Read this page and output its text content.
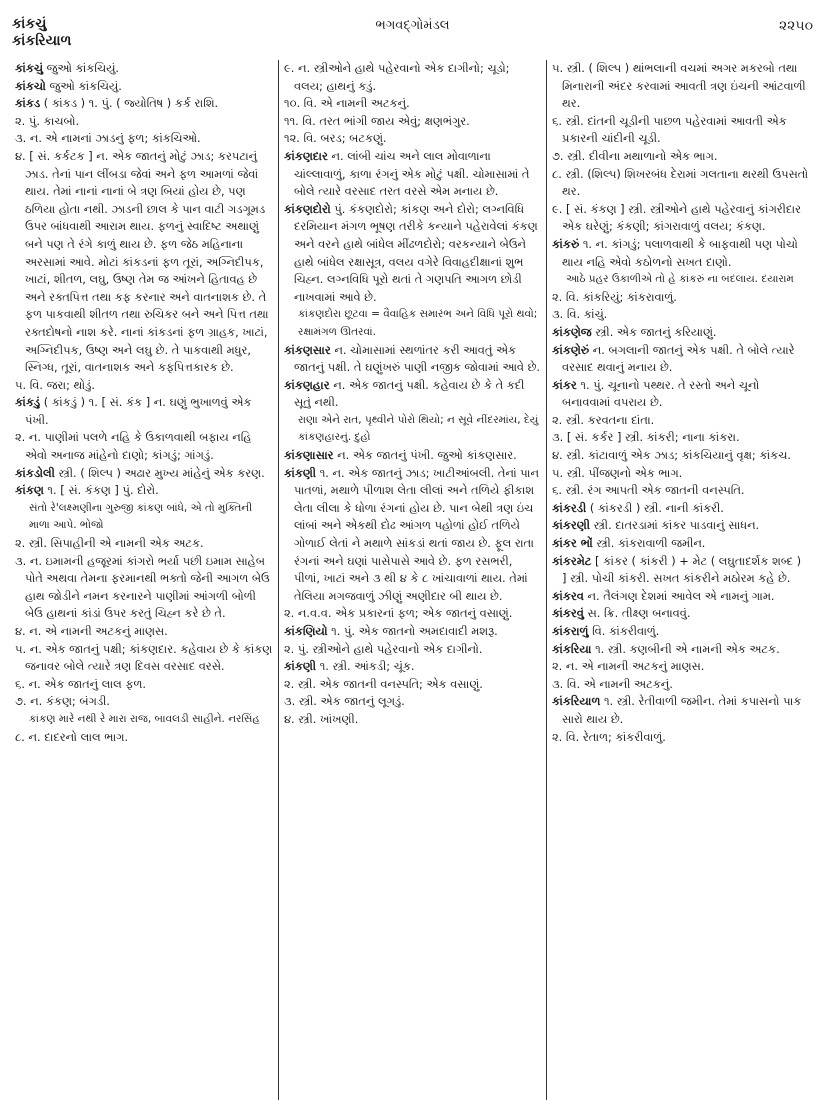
કાંકચું
કાંકરિયાળ
ભગવદ્ગોમંડલ	૨૨૫૦

કાંકચું જુઓ કાંકચિયું.

કાંકચો જુઓ કાંકચિયું.

કાંકડ ( કાંકડ ) ૧. પું. ( જ્યોતિષ ) કર્ક રાશિ.

૨. પું. કાચબો.

૩. ન. એ નામનાં ઝાડનું ફળ; કાંકચિઓ.

૪. [ સં. કર્કટક ] ન. એક જાતનું મોટું ઝાડ; કરપટાનું ઝાડ. તેનાં પાન લીંબડા જેવાં અને ફળ આમળાં જેવાં થાય. તેમાં નાનાં નાનાં બે ત્રણ બિયાં હોય છે, પણ ઠળિયા હોતા નથી. ઝાડની છાલ કે પાન વાટી ગડગૂમડ ઉપર બાંધવાથી આરામ થાય. ફળનું સ્વાદિષ્ટ અથાણું બને પણ તે રંગે કાળું થાય છે. ફળ જેઠ મહિનાના અરસામાં આવે. મોટાં કાંકડનાં ફળ તૂરાં, અગ્નિદીપક, ખાટાં, શીતળ, લઘુ, ઉષ્ણ તેમ જ આંખને હિતાવહ છે અને રક્તપિત્ત તથા કફ કરનાર અને વાતનાશક છે. તે ફળ પાકવાથી શીતળ તથા રુચિકર બને અને પિત્ત તથા રક્તદોષનો નાશ કરે. નાનાં કાંકડનાં ફળ ગ્રાહક, ખાટાં, અગ્નિદીપક, ઉષ્ણ અને લઘુ છે. તે પાકવાથી મધુર, સ્નિગ્ધ, તૂરાં, વાતનાશક અને કફપિત્તકારક છે.

૫. વિ. જરા; થોડું.

કાંકડું ( કાંકડું ) ૧. [ સં. કંક ] ન. ઘણું ભુખાળવું એક પંખી.

૨. ન. પાણીમાં પલળે નહિ કે ઉકાળવાથી બફાય નહિ એવો અનાજ માંહેનો દાણો; કાંગડું; ગાંગડું.

કાંકડોલી સ્ત્રી. ( શિલ્પ ) અઢાર મુખ્ય માંહેનું એક કરણ.

કાંકણ ૧. [ સં. કંકણ ] પું. દોરો.

સંતો રે'લક્ષ્મણીના ગુરુજી કાંકણ બાંધે, એ તો મુક્તિની માળા આપે. ભોજો

૨. સ્ત્રી. સિપાહીની એ નામની એક અટક.

૩. ન. ઇમામની હજૂરમાં કાંગરો ભર્યા પછી ઇમામ સાહેબ પોતે અથવા તેમના ફરમાનથી ભક્તો જેની આગળ બેઉ હાથ જોડીને નમન કરનારને પાણીમાં આંગળી બોળી બેઉ હાથનાં કાંડાં ઉપર કરતું ચિહ્ન કરે છે તે.

૪. ન. એ નામની અટકનું માણસ.

૫. ન. એક જાતનું પક્ષી; કાંકણદાર. કહેવાય છે કે કાંકણ જનાવર બોલે ત્યારે ત્રણ દિવસ વરસાદ વરસે.

૬. ન. એક જાતનું લાલ ફળ.

૭. ન. કંકણ; બંગડી.

કાંકણ મારે નથી રે મારા રાજ, બાવલડી સાહીને. નરસિંહ

૮. ન. દાદરનો લાલ ભાગ.

૯. ન. સ્ત્રીઓને હાથે પહેરવાનો એક દાગીનો; ચૂડો; વલય; હાથનું કડું.

૧૦. વિ. એ નામની અટકનું.

૧૧. વિ. તરત ભાંગી જાય એવું; ક્ષણભંગુર.

૧૨. વિ. બરડ; બટકણું.

કાંકણદાર ન. લાંબી ચાંચ અને લાલ મોવાળાના ચાંલ્લાવાળું, કાળા રંગનું એક મોટું પક્ષી. ચોમાસામાં તે બોલે ત્યારે વરસાદ તરત વરસે એમ મનાય છે.

કાંકણદોરો પું. કંકણદોરો; કાંકણ અને દોરો; લગ્નવિધિ દરમિયાન મંગળ ભૂષણ તરીકે કન્યાને પહેરાવેલાં કંકણ અને વરને હાથે બાંધેલ મીંઢળદોરો; વરકન્યાને બેઉને હાથે બાંધેલ રક્ષાસૂત્ર, વલય વગેરે વિવાહદીક્ષાનાં શુભ ચિહ્ન. લગ્નવિધિ પૂરો થતાં તે ગણપતિ આગળ છોડી નાખવામાં આવે છે.

કાંકણદોરા છૂટવા = વૈવાહિક સમારંભ અને વિધિ પૂરો થવો; રક્ષામંગળ ઊતરવાં.

કાંકણસાર ન. ચોમાસામાં સ્થળાંતર કરી આવતું એક જાતનું પક્ષી. તે ઘણુંખરું પાણી નજીક જોવામાં આવે છે.

કાંકણહાર ન. એક જાતનું પક્ષી. કહેવાય છે કે તે કદી સૂતું નથી.

રાણા એને રાત, પૃથ્વીને પોરો થિયો; ન સૂવે નીંદરમાંય, દેયું કાંકણહારનું. દુહો

કાંકણાસાર ન. એક જાતનું પંખી. જુઓ કાંકણસાર.

કાંકણી ૧. ન. એક જાતનું ઝાડ; ખાટીઆંબલી. તેનાં પાન પાતળાં, મથાળે પીળાશ લેતા લીલાં અને તળિયે ફીકાશ લેતા લીલા કે ધોળા રંગનાં હોય છે. પાન બેથી ત્રણ ઇંચ લાંબાં અને એકથી દોઢ આંગળ પહોળાં હોઈ તળિયે ગોળાઈ લેતાં ને મથાળે સાંકડાં થતાં જાય છે. ફૂલ રાતા રંગનાં અને ઘણાં પાસેપાસે આવે છે. ફળ રસભરી, પીળાં, ખાટાં અને ૩ થી ૪ કે ૮ ખાંચાવાળાં થાય. તેમાં તેલિયા મગજવાળું ઝીણું અણીદાર બી થાય છે.

૨. ન.વ.વ. એક પ્રકારનાં ફળ; એક જાતનું વસાણું.

કાંકણિયો ૧. પું. એક જાતનો અમદાવાદી મશરૂ.

૨. પું. સ્ત્રીઓને હાથે પહેરવાનો એક દાગીનો.

કાંકણી ૧. સ્ત્રી. આંકડી; ચૂંક.

૨. સ્ત્રી. એક જાતની વનસ્પતિ; એક વસાણું.

૩. સ્ત્રી. એક જાતનું લૂગડું.

૪. સ્ત્રી. ખાંખણી.

૫. સ્ત્રી. ( શિલ્પ ) થાંભલાની વચમાં અગર મકરબો તથા મિનારાની અંદર કરવામાં આવતી ત્રણ ઇંચની આંટવાળી થર.

૬. સ્ત્રી. દાંતની ચૂડીની પાછળ પહેરવામાં આવતી એક પ્રકારની ચાંદીની ચૂડી.

૭. સ્ત્રી. દીવીના મથાળાનો એક ભાગ.

૮. સ્ત્રી. (શિલ્પ) શિખરબંધ દેરામાં ગલતાના થરથી ઉપસતો થર.

૯. [ સં. કંકણ ] સ્ત્રી. સ્ત્રીઓને હાથે પહેરવાનું કાંગરીદાર એક ઘરેણું; કંકણી; કાંગરાવાળું વલય; કંકણ.

કાંકરું ૧. ન. કાંગડું; પલાળવાથી કે બાફવાથી પણ પોચો થાય નહિ એવો કઠોળનો સખત દાણો.

આઠે પ્રહર ઉકાળીએ તો હે કાંકરું ના બદલાય. દયારામ

૨. વિ. કાંકરિયું; કાંકરાવાળું.

૩. વિ. કાંચું.

કાંકણેજ સ્ત્રી. એક જાતનું કરિયાણું.

કાંકણેરું ન. બગલાની જાતનું એક પક્ષી. તે બોલે ત્યારે વરસાદ થવાનું મનાય છે.

કાંકર ૧. પું. ચૂનાનો પથ્થર. તે રસ્તો અને ચૂનો બનાવવામાં વપરાય છે.

૨. સ્ત્રી. કરવતના દાંતા.

૩. [ સં. કર્કર ] સ્ત્રી. કાંકરી; નાના કાંકરા.

૪. સ્ત્રી. કાંટાવાળું એક ઝાડ; કાંકચિયાનું વૃક્ષ; કાંકચ.

૫. સ્ત્રી. પીંજણનો એક ભાગ.

૬. સ્ત્રી. રંગ આપતી એક જાતની વનસ્પતિ.

કાંકરડી ( કાંકરડી ) સ્ત્રી. નાની કાંકરી.

કાંકરણી સ્ત્રી. દાતરડામાં કાંકર પાડવાનું સાધન.

કાંકર ભોં સ્ત્રી. કાંકરાવાળી જમીન.

કાંકરમેટ [ કાંકર ( કાંકરી ) + મેટ ( લઘુતાદર્શક શબ્દ ) ] સ્ત્રી. પોચી કાંકરી. સખત કાંકરીને મઠોરમ કહે છે.

કાંકરવ ન. તૈલંગણ દેશમાં આવેલ એ નામનું ગામ.

કાંકરવું સ. ક્રિ. તીક્ષ્ણ બનાવવું.

કાંકરાળું વિ. કાંકરીવાળું.

કાંકરિયા ૧. સ્ત્રી. કણબીની એ નામની એક અટક.

૨. ન. એ નામની અટકનું માણસ.

૩. વિ. એ નામની અટકનું.

કાંકરિયાળ ૧. સ્ત્રી. રેતીવાળી જમીન. તેમાં કપાસનો પાક સારો થાય છે.

૨. વિ. રેતાળ; કાંકરીવાળું.
